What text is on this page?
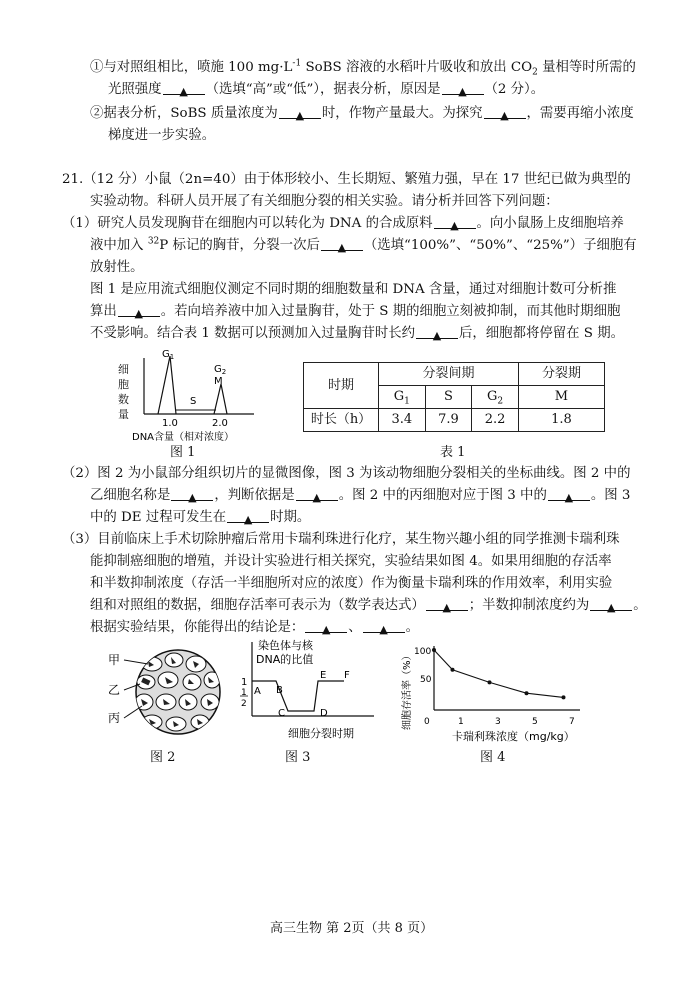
①与对照组相比，喷施 100 $mg\cdot L^{-1}$ SoBS 溶液的水稻叶片吸收和放出 $CO_2$ 量相等时所需的
光照强度 ▲ （选填“高”或“低”），据表分析，原因是 ▲ （2 分）。
②据表分析，SoBS 质量浓度为 ▲ 时，作物产量最大。为探究 ▲ ，需要再缩小浓度
梯度进一步实验。
21.（12 分）小鼠（2n=40）由于体形较小、生长期短、繁殖力强，早在 17 世纪已做为典型的
实验动物。科研人员开展了有关细胞分裂的相关实验。请分析并回答下列问题：
（1）研究人员发现胸苷在细胞内可以转化为 DNA 的合成原料 ▲ 。向小鼠肠上皮细胞培养
液中加入 $^{32}$P 标记的胸苷，分裂一次后 ▲ （选填“100%”、“50%”、“25%”）子细胞有
放射性。
图 1 是应用流式细胞仪测定不同时期的细胞数量和 DNA 含量，通过对细胞计数可分析推
算出 ▲ 。若向培养液中加入过量胸苷，处于 S 期的细胞立刻被抑制，而其他时期细胞
不受影响。结合表 1 数据可以预测加入过量胸苷时长约 ▲ 后，细胞都将停留在 S 期。
细
胞
数
量
$G_1$
$G_2$
M
S
1.0	2.0
DNA含量（相对浓度）
图 1
时期	分裂间期			分裂期
	$G_1$	S	$G_2$	M
时长（h）	3.4	7.9	2.2	1.8
表 1
（2）图 2 为小鼠部分组织切片的显微图像，图 3 为该动物细胞分裂相关的坐标曲线。图 2 中的
乙细胞名称是 ▲ ，判断依据是 ▲ 。图 2 中的丙细胞对应于图 3 中的 ▲ 。图 3
中的 DE 过程可发生在 ▲ 时期。
（3）目前临床上手术切除肿瘤后常用卡瑞利珠进行化疗，某生物兴趣小组的同学推测卡瑞利珠
能抑制癌细胞的增殖，并设计实验进行相关探究，实验结果如图 4。如果用细胞的存活率
和半数抑制浓度（存活一半细胞所对应的浓度）作为衡量卡瑞利珠的作用效率，利用实验
组和对照组的数据，细胞存活率可表示为（数学表达式） ▲ ；半数抑制浓度约为 ▲ 。
根据实验结果，你能得出的结论是： ▲ 、 ▲ 。
甲
乙
丙
图 2
染色体与核
DNA的比值
1
1
2
A B
C	D
E F
细胞分裂时期
图 3
细胞存活率（%） 100
50
0	1	3	5	7
卡瑞利珠浓度（mg/kg）
图 4
高三生物 第 2页（共 8 页）
